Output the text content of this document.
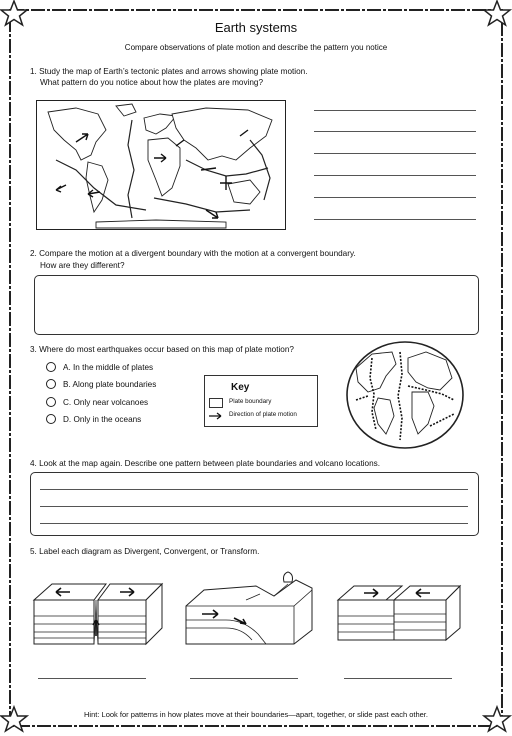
Earth systems
Compare observations of plate motion and describe the pattern you notice
1. Study the map of Earth’s tectonic plates and arrows showing plate motion.
What pattern do you notice about how the plates are moving?
2. Compare the motion at a divergent boundary with the motion at a convergent boundary.
How are they different?
3. Where do most earthquakes occur based on this map of plate motion?
A. In the middle of plates
B. Along plate boundaries
C. Only near volcanoes
D. Only in the oceans
Key
Plate boundary
Direction of plate motion
4. Look at the map again. Describe one pattern between plate boundaries and volcano locations.
5. Label each diagram as Divergent, Convergent, or Transform.
Hint: Look for patterns in how plates move at their boundaries—apart, together, or slide past each other.
